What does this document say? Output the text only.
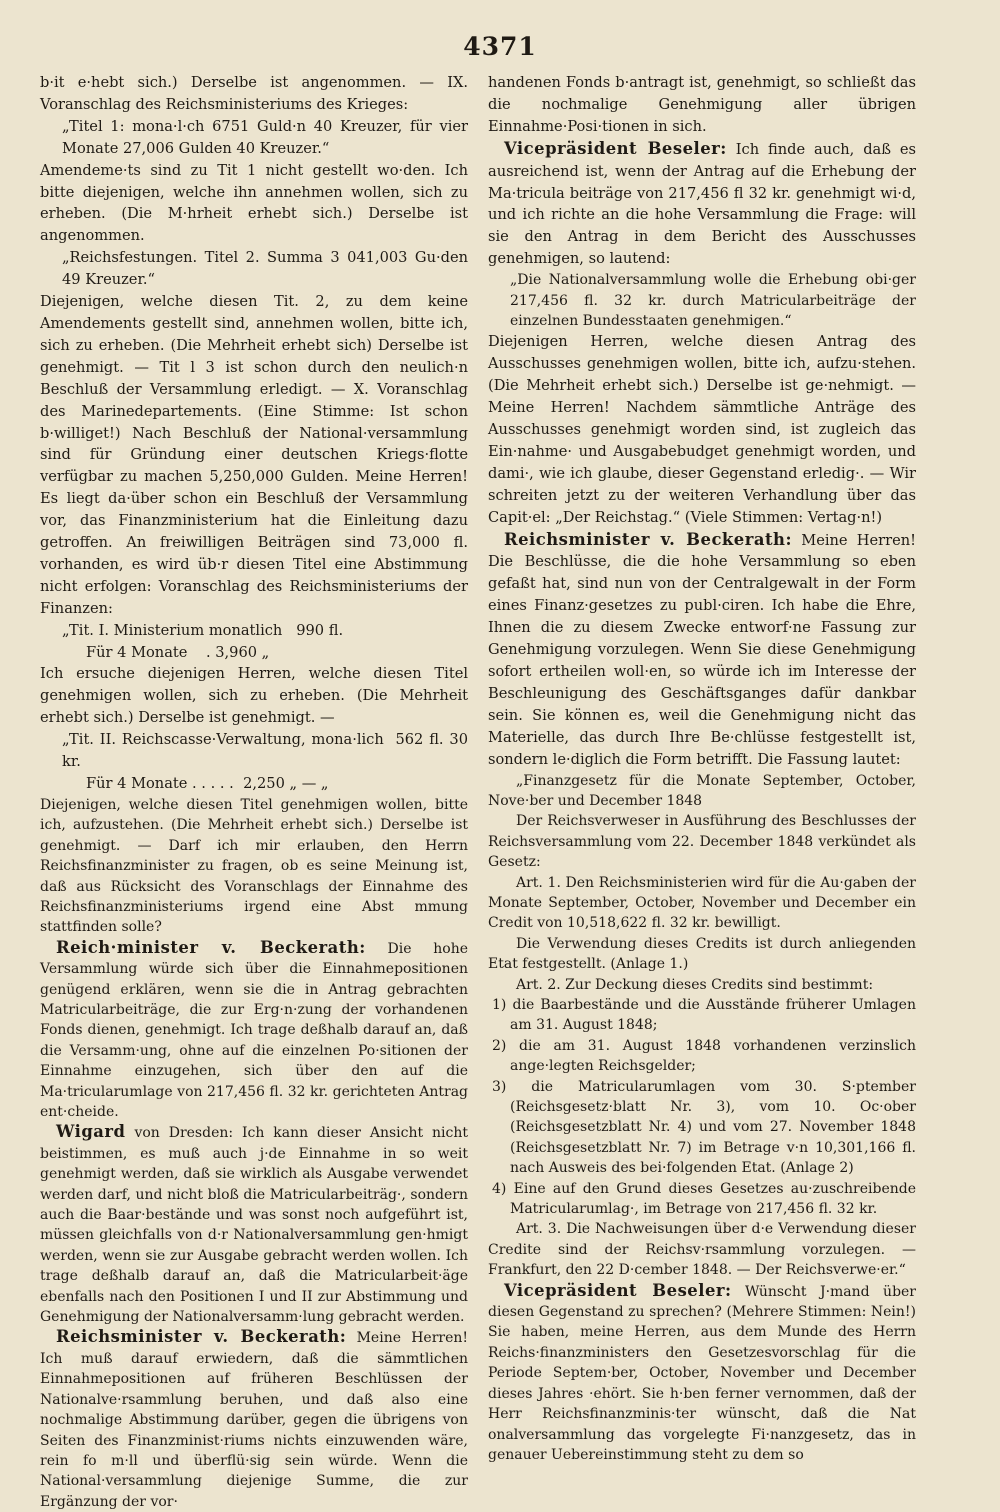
4371

b·it e·hebt sich.) Derselbe ist angenommen. — IX. Voranschlag des Reichsministeriums des Krieges:

„Titel 1: mona·l·ch 6751 Guld·n 40 Kreuzer, für vier Monate 27,006 Gulden 40 Kreuzer.“

Amendeme·ts sind zu Tit 1 nicht gestellt wo·den. Ich bitte diejenigen, welche ihn annehmen wollen, sich zu erheben. (Die M·hrheit erhebt sich.) Derselbe ist angenommen.

„Reichsfestungen. Titel 2. Summa 3 041,003 Gu·den 49 Kreuzer.“

Diejenigen, welche diesen Tit. 2, zu dem keine Amendements gestellt sind, annehmen wollen, bitte ich, sich zu erheben. (Die Mehrheit erhebt sich) Derselbe ist genehmigt. — Tit l 3 ist schon durch den neulich·n Beschluß der Versammlung erledigt. — X. Voranschlag des Marinedepartements. (Eine Stimme: Ist schon b·williget!) Nach Beschluß der National·versammlung sind für Gründung einer deutschen Kriegs·flotte verfügbar zu machen 5,250,000 Gulden. Meine Herren! Es liegt da·über schon ein Beschluß der Versammlung vor, das Finanzministerium hat die Einleitung dazu getroffen. An freiwilligen Beiträgen sind 73,000 fl. vorhanden, es wird üb·r diesen Titel eine Abstimmung nicht erfolgen: Voranschlag des Reichsministeriums der Finanzen:

„Tit. I. Ministerium monatlich 990 fl.

Für 4 Monate . 3,960 „

Ich ersuche diejenigen Herren, welche diesen Titel genehmigen wollen, sich zu erheben. (Die Mehrheit erhebt sich.) Derselbe ist genehmigt. —

„Tit. II. Reichscasse·Verwaltung, mona·lich 562 fl. 30 kr.

Für 4 Monate . . . . . 2,250 „ — „

Diejenigen, welche diesen Titel genehmigen wollen, bitte ich, aufzustehen. (Die Mehrheit erhebt sich.) Derselbe ist genehmigt. — Darf ich mir erlauben, den Herrn Reichsfinanzminister zu fragen, ob es seine Meinung ist, daß aus Rücksicht des Voranschlags der Einnahme des Reichsfinanzministeriums irgend eine Abst mmung stattfinden solle?

Reich·minister v. Beckerath: Die hohe Versammlung würde sich über die Einnahmepositionen genügend erklären, wenn sie die in Antrag gebrachten Matricularbeiträge, die zur Erg·n·zung der vorhandenen Fonds dienen, genehmigt. Ich trage deßhalb darauf an, daß die Versamm·ung, ohne auf die einzelnen Po·sitionen der Einnahme einzugehen, sich über den auf die Ma·tricularumlage von 217,456 fl. 32 kr. gerichteten Antrag ent·cheide.

Wigard von Dresden: Ich kann dieser Ansicht nicht beistimmen, es muß auch j·de Einnahme in so weit genehmigt werden, daß sie wirklich als Ausgabe verwendet werden darf, und nicht bloß die Matricularbeiträg·, sondern auch die Baar·bestände und was sonst noch aufgeführt ist, müssen gleichfalls von d·r Nationalversammlung gen·hmigt werden, wenn sie zur Ausgabe gebracht werden wollen. Ich trage deßhalb darauf an, daß die Matricularbeit·äge ebenfalls nach den Positionen I und II zur Abstimmung und Genehmigung der Nationalversamm·lung gebracht werden.

Reichsminister v. Beckerath: Meine Herren! Ich muß darauf erwiedern, daß die sämmtlichen Einnahmepositionen auf früheren Beschlüssen der Nationalve·rsammlung beruhen, und daß also eine nochmalige Abstimmung darüber, gegen die übrigens von Seiten des Finanzminist·riums nichts einzuwenden wäre, rein fo m·ll und überflü·sig sein würde. Wenn die National·versammlung diejenige Summe, die zur Ergänzung der vor·

handenen Fonds b·antragt ist, genehmigt, so schließt das die nochmalige Genehmigung aller übrigen Einnahme·Posi·tionen in sich.

Vicepräsident Beseler: Ich finde auch, daß es ausreichend ist, wenn der Antrag auf die Erhebung der Ma·tricula beiträge von 217,456 fl 32 kr. genehmigt wi·d, und ich richte an die hohe Versammlung die Frage: will sie den Antrag in dem Bericht des Ausschusses genehmigen, so lautend:

„Die Nationalversammlung wolle die Erhebung obi·ger 217,456 fl. 32 kr. durch Matricularbeiträge der einzelnen Bundesstaaten genehmigen.“

Diejenigen Herren, welche diesen Antrag des Ausschusses genehmigen wollen, bitte ich, aufzu·stehen. (Die Mehrheit erhebt sich.) Derselbe ist ge·nehmigt. — Meine Herren! Nachdem sämmtliche Anträge des Ausschusses genehmigt worden sind, ist zugleich das Ein·nahme· und Ausgabebudget genehmigt worden, und dami·, wie ich glaube, dieser Gegenstand erledig·. — Wir schreiten jetzt zu der weiteren Verhandlung über das Capit·el: „Der Reichstag.“ (Viele Stimmen: Vertag·n!)

Reichsminister v. Beckerath: Meine Herren! Die Beschlüsse, die die hohe Versammlung so eben gefaßt hat, sind nun von der Centralgewalt in der Form eines Finanz·gesetzes zu publ·ciren. Ich habe die Ehre, Ihnen die zu diesem Zwecke entworf·ne Fassung zur Genehmigung vorzulegen. Wenn Sie diese Genehmigung sofort ertheilen woll·en, so würde ich im Interesse der Beschleunigung des Geschäftsganges dafür dankbar sein. Sie können es, weil die Genehmigung nicht das Materielle, das durch Ihre Be·chlüsse festgestellt ist, sondern le·diglich die Form betrifft. Die Fassung lautet:

„Finanzgesetz für die Monate September, October, Nove·ber und December 1848

Der Reichsverweser in Ausführung des Beschlusses der Reichsversammlung vom 22. December 1848 verkündet als Gesetz:

Art. 1. Den Reichsministerien wird für die Au·gaben der Monate September, October, November und December ein Credit von 10,518,622 fl. 32 kr. bewilligt.

Die Verwendung dieses Credits ist durch anliegenden Etat festgestellt. (Anlage 1.)

Art. 2. Zur Deckung dieses Credits sind bestimmt:

1) die Baarbestände und die Ausstände früherer Umlagen am 31. August 1848;

2) die am 31. August 1848 vorhandenen verzinslich ange·legten Reichsgelder;

3) die Matricularumlagen vom 30. S·ptember (Reichsgesetz·blatt Nr. 3), vom 10. Oc·ober (Reichsgesetzblatt Nr. 4) und vom 27. November 1848 (Reichsgesetzblatt Nr. 7) im Betrage v·n 10,301,166 fl. nach Ausweis des bei·folgenden Etat. (Anlage 2)

4) Eine auf den Grund dieses Gesetzes au·zuschreibende Matricularumlag·, im Betrage von 217,456 fl. 32 kr.

Art. 3. Die Nachweisungen über d·e Verwendung dieser Credite sind der Reichsv·rsammlung vorzulegen. — Frankfurt, den 22 D·cember 1848. — Der Reichsverwe·er.“

Vicepräsident Beseler: Wünscht J·mand über diesen Gegenstand zu sprechen? (Mehrere Stimmen: Nein!) Sie haben, meine Herren, aus dem Munde des Herrn Reichs·finanzministers den Gesetzesvorschlag für die Periode Septem·ber, October, November und December dieses Jahres ·ehört. Sie h·ben ferner vernommen, daß der Herr Reichsfinanzminis·ter wünscht, daß die Nat onalversammlung das vorgelegte Fi·nanzgesetz, das in genauer Uebereinstimmung steht zu dem so
